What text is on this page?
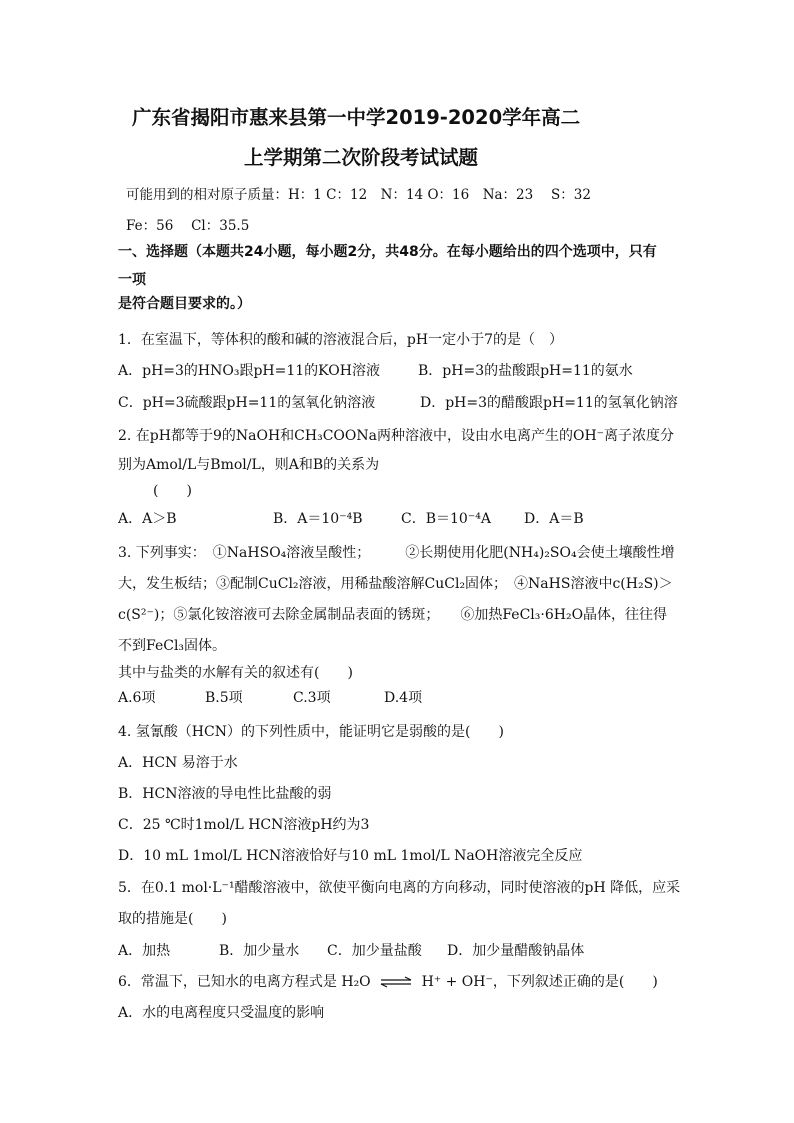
广东省揭阳市惠来县第一中学2019-2020学年高二
上学期第二次阶段考试试题
可能用到的相对原子质量：H：1 C：12　N：14 O：16　Na：23　 S：32
Fe：56　 Cl：35.5
一、选择题（本题共24小题，每小题2分，共48分。在每小题给出的四个选项中，只有
一项
是符合题目要求的。）
1．在室温下，等体积的酸和碱的溶液混合后，pH一定小于7的是（　）
A．pH=3的HNO₃跟pH=11的KOH溶液	B．pH=3的盐酸跟pH=11的氨水
C．pH=3硫酸跟pH=11的氢氧化钠溶液	D．pH=3的醋酸跟pH=11的氢氧化钠溶
2. 在pH都等于9的NaOH和CH₃COONa两种溶液中，设由水电离产生的OH⁻离子浓度分
别为Amol/L与Bmol/L，则A和B的关系为
(　　)
A．A＞B	B．A＝10⁻⁴B	C．B＝10⁻⁴A D．A＝B
3. 下列事实：　①NaHSO₄溶液呈酸性；　　　②长期使用化肥(NH₄)₂SO₄会使土壤酸性增
大，发生板结；③配制CuCl₂溶液，用稀盐酸溶解CuCl₂固体；　④NaHS溶液中c(H₂S)＞
c(S²⁻)；⑤氯化铵溶液可去除金属制品表面的锈斑；　　⑥加热FeCl₃·6H₂O晶体，往往得
不到FeCl₃固体。
其中与盐类的水解有关的叙述有(　　)
A.6项	B.5项	C.3项	D.4项
4. 氢氰酸（HCN）的下列性质中，能证明它是弱酸的是(　　)
A．HCN 易溶于水
B．HCN溶液的导电性比盐酸的弱
C．25 ℃时1mol/L HCN溶液pH约为3
D．10 mL 1mol/L HCN溶液恰好与10 mL 1mol/L NaOH溶液完全反应
5．在0.1 mol·L⁻¹醋酸溶液中，欲使平衡向电离的方向移动，同时使溶液的pH 降低，应采
取的措施是(　　)
A．加热	B．加少量水 C．加少量盐酸 D．加少量醋酸钠晶体
6．常温下，已知水的电离方程式是 H₂O ⇌ H⁺ + OH⁻，下列叙述正确的是(　　)
A．水的电离程度只受温度的影响
